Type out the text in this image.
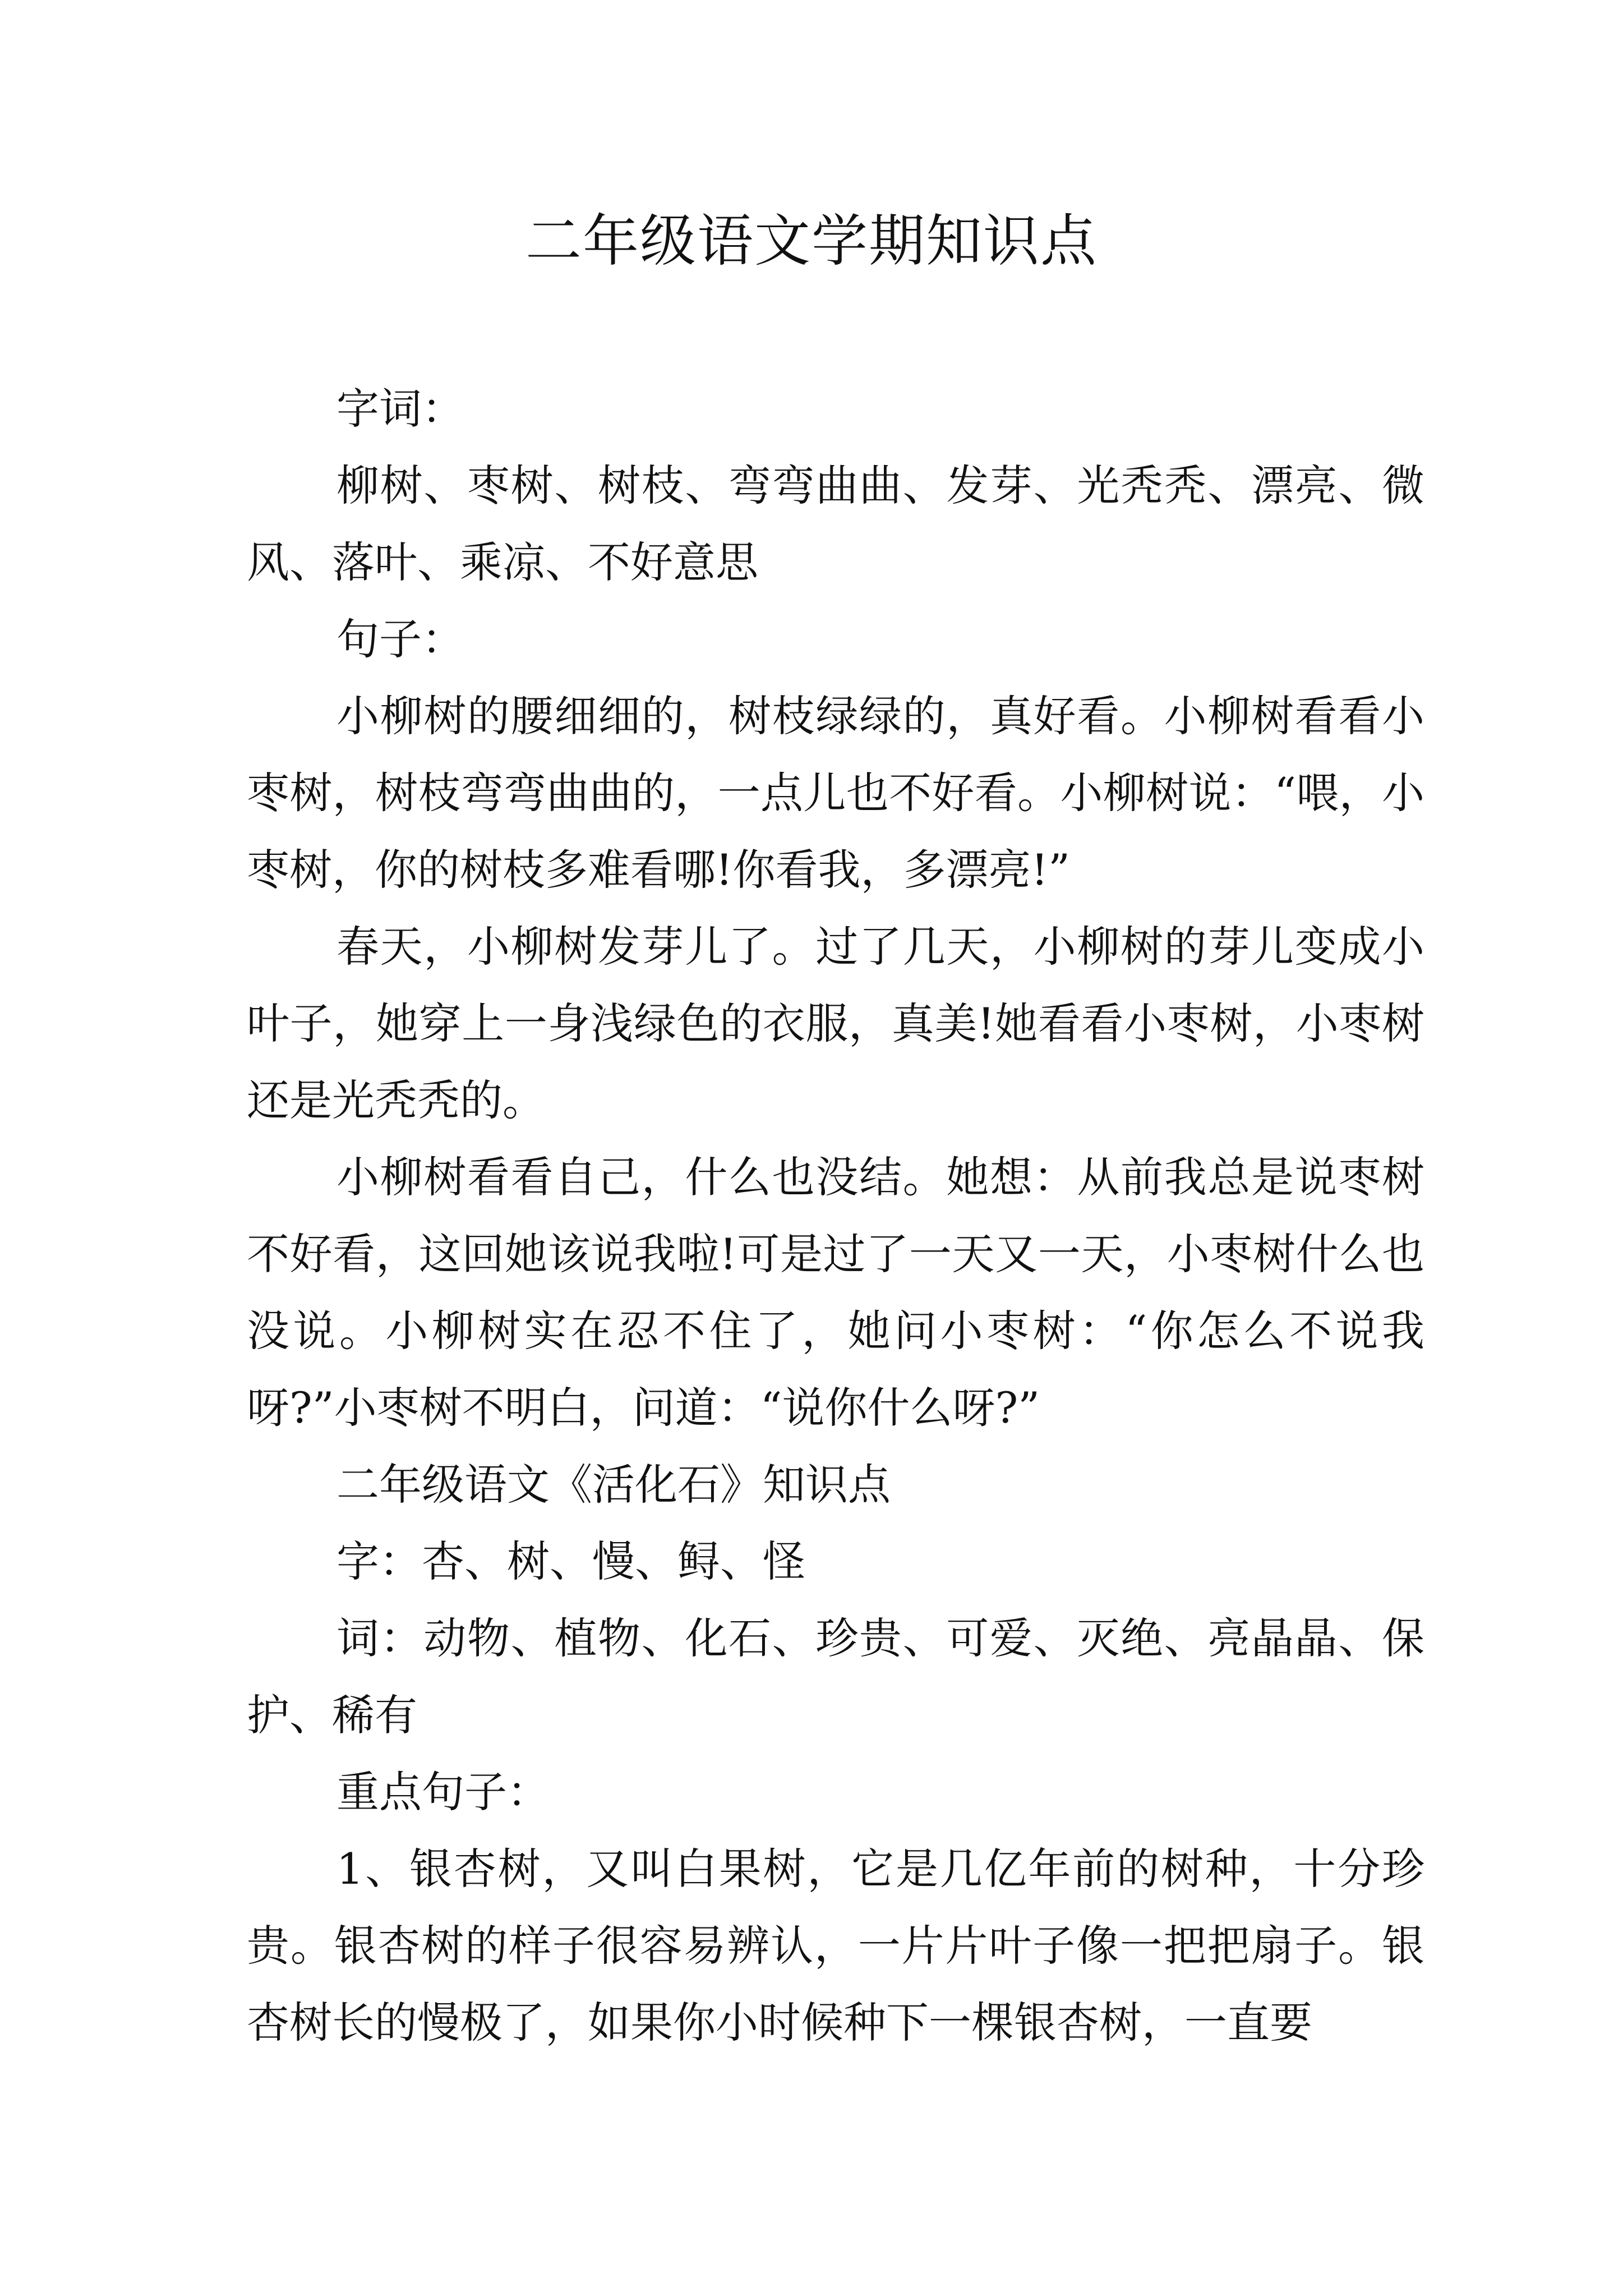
二年级语文学期知识点

字词：

柳树、枣树、树枝、弯弯曲曲、发芽、光秃秃、漂亮、微风、落叶、乘凉、不好意思

句子：

小柳树的腰细细的，树枝绿绿的，真好看。小柳树看看小枣树，树枝弯弯曲曲的，一点儿也不好看。小柳树说：“喂，小枣树，你的树枝多难看哪!你看我，多漂亮!”

春天，小柳树发芽儿了。过了几天，小柳树的芽儿变成小叶子，她穿上一身浅绿色的衣服，真美!她看看小枣树，小枣树还是光秃秃的。

小柳树看看自己，什么也没结。她想：从前我总是说枣树不好看，这回她该说我啦!可是过了一天又一天，小枣树什么也没说。小柳树实在忍不住了，她问小枣树：“你怎么不说我呀?”小枣树不明白，问道：“说你什么呀?”

二年级语文《活化石》知识点

字：杏、树、慢、鲟、怪

词：动物、植物、化石、珍贵、可爱、灭绝、亮晶晶、保护、稀有

重点句子：

1、银杏树，又叫白果树，它是几亿年前的树种，十分珍贵。银杏树的样子很容易辨认，一片片叶子像一把把扇子。银杏树长的慢极了，如果你小时候种下一棵银杏树，一直要
